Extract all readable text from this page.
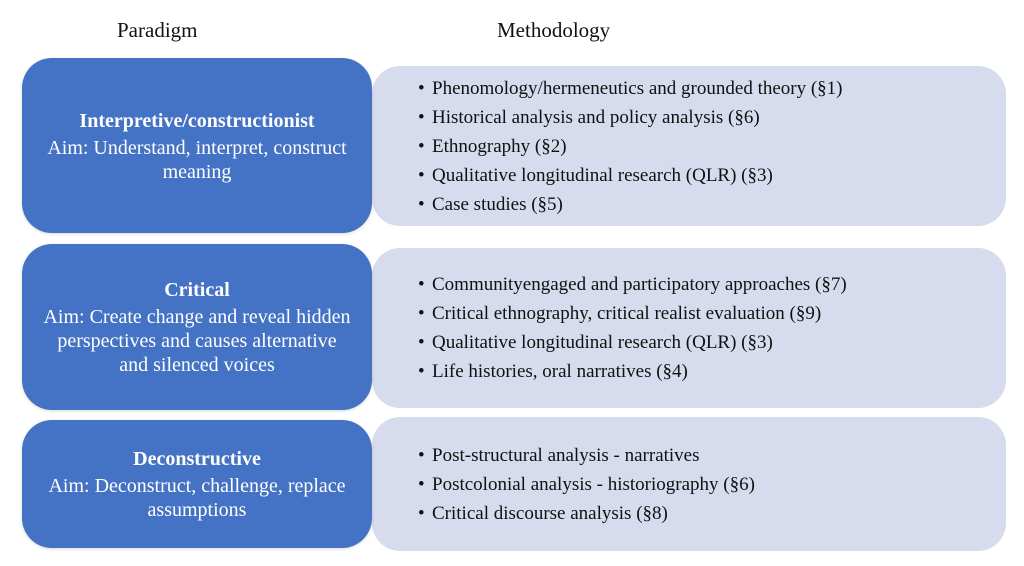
Paradigm	Methodology
• Phenomology/hermeneutics and grounded theory (§1)
• Historical analysis and policy analysis (§6)
• Ethnography (§2)
• Qualitative longitudinal research (QLR) (§3)
• Case studies (§5)
Interpretive/constructionist
Aim: Understand, interpret, construct meaning
• Communityengaged and participatory approaches (§7)
• Critical ethnography, critical realist evaluation (§9)
• Qualitative longitudinal research (QLR) (§3)
• Life histories, oral narratives (§4)
Critical
Aim: Create change and reveal hidden perspectives and causes alternative and silenced voices
• Post-structural analysis - narratives
• Postcolonial analysis - historiography (§6)
• Critical discourse analysis (§8)
Deconstructive
Aim: Deconstruct, challenge, replace assumptions
